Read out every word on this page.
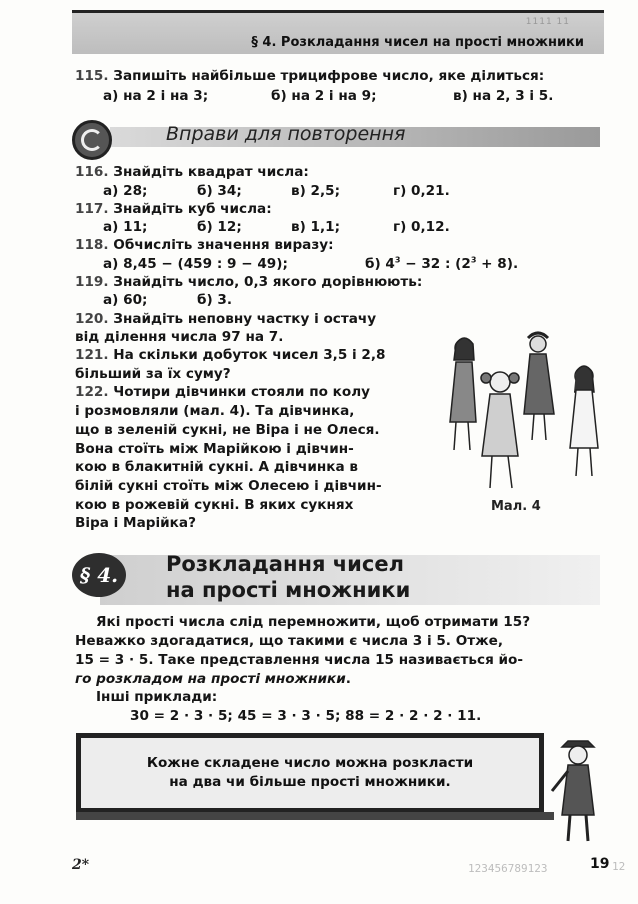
1111 11
§ 4. Розкладання чисел на прості множники
115. Запишіть найбільше трицифрове число, яке ділиться:
а) на 2 і на 3;	б) на 2 і на 9;	в) на 2, 3 і 5.
Вправи для повторення
116. Знайдіть квадрат числа:
а) 28;	б) 34;	в) 2,5;	г) 0,21.
117. Знайдіть куб числа:
а) 11;	б) 12;	в) 1,1;	г) 0,12.
118. Обчисліть значення виразу:
а) 8,45 − (459 : 9 − 49);	б) $4^3 - 32$ : $(2^3 + 8)$.
119. Знайдіть число, 0,3 якого дорівнюють:
а) 60;	б) 3.
120. Знайдіть неповну частку і остачу
від ділення числа 97 на 7.
121. На скільки добуток чисел 3,5 і 2,8
більший за їх суму?
122. Чотири дівчинки стояли по колу
і розмовляли (мал. 4). Та дівчинка,
що в зеленій сукні, не Віра і не Олеся.
Вона стоїть між Марійкою і дівчин-
кою в блакитній сукні. А дівчинка в
білій сукні стоїть між Олесею і дівчин-
кою в рожевій сукні. В яких сукнях
Віра і Марійка?
Мал. 4
§ 4.	Розкладання чисел
на прості множники
Які прості числа слід перемножити, щоб отримати 15?
Неважко здогадатися, що такими є числа 3 і 5. Отже,
15 = 3 · 5. Таке представлення числа 15 називається йо-
го розкладом на прості множники.
Інші приклади:
30 = 2 · 3 · 5; 45 = 3 · 3 · 5; 88 = 2 · 2 · 2 · 11.
Кожне складене число можна розкласти
на два чи більше прості множники.
2*	123456789123	19 12
